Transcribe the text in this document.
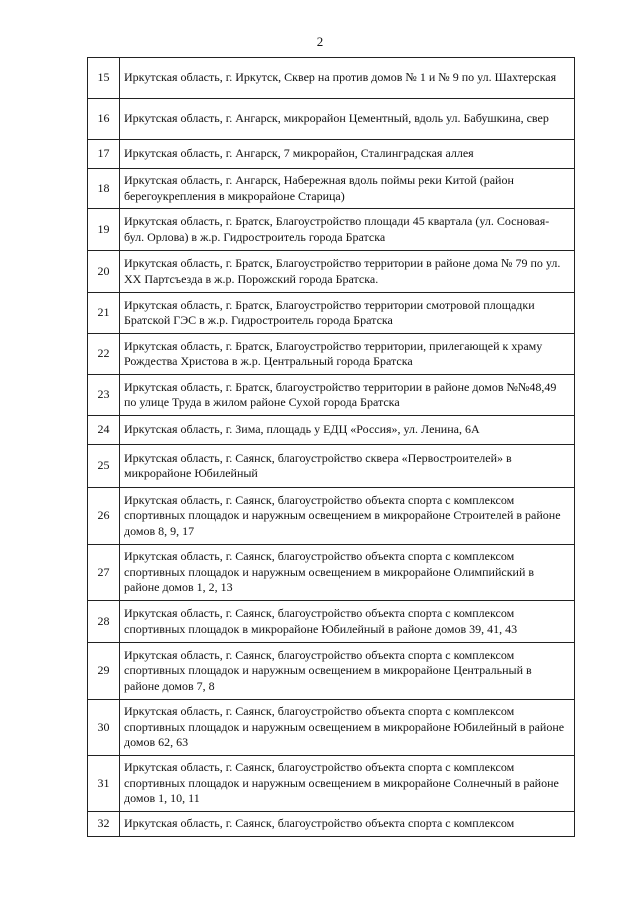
2
15	Иркутская область, г. Иркутск, Сквер на против домов № 1 и № 9 по ул. Шахтерская
16	Иркутская область, г. Ангарск, микрорайон Цементный, вдоль ул. Бабушкина, свер
17	Иркутская область, г. Ангарск, 7 микрорайон, Сталинградская аллея
18	Иркутская область, г. Ангарск, Набережная вдоль поймы реки Китой (район берегоукрепления в микрорайоне Старица)
19	Иркутская область, г. Братск, Благоустройство площади 45 квартала (ул. Сосновая-бул. Орлова) в ж.р. Гидростроитель города Братска
20	Иркутская область, г. Братск, Благоустройство территории в районе дома № 79 по ул. XX Партсъезда в ж.р. Порожский города Братска.
21	Иркутская область, г. Братск, Благоустройство территории смотровой площадки Братской ГЭС в ж.р. Гидростроитель города Братска
22	Иркутская область, г. Братск, Благоустройство территории, прилегающей к храму Рождества Христова в ж.р. Центральный города Братска
23	Иркутская область, г. Братск, благоустройство территории в районе домов №№48,49 по улице Труда в жилом районе Сухой города Братска
24	Иркутская область, г. Зима, площадь у ЕДЦ «Россия», ул. Ленина, 6А
25	Иркутская область, г. Саянск, благоустройство сквера «Первостроителей» в микрорайоне Юбилейный
26	Иркутская область, г. Саянск, благоустройство объекта спорта с комплексом спортивных площадок и наружным освещением в микрорайоне Строителей в районе домов 8, 9, 17
27	Иркутская область, г. Саянск, благоустройство объекта спорта с комплексом спортивных площадок и наружным освещением в микрорайоне Олимпийский в районе домов 1, 2, 13
28	Иркутская область, г. Саянск, благоустройство объекта спорта с комплексом спортивных площадок в микрорайоне Юбилейный в районе домов 39, 41, 43
29	Иркутская область, г. Саянск, благоустройство объекта спорта с комплексом спортивных площадок и наружным освещением в микрорайоне Центральный в районе домов 7, 8
30	Иркутская область, г. Саянск, благоустройство объекта спорта с комплексом спортивных площадок и наружным освещением в микрорайоне Юбилейный в районе домов 62, 63
31	Иркутская область, г. Саянск, благоустройство объекта спорта с комплексом спортивных площадок и наружным освещением в микрорайоне Солнечный в районе домов 1, 10, 11
32	Иркутская область, г. Саянск, благоустройство объекта спорта с комплексом
